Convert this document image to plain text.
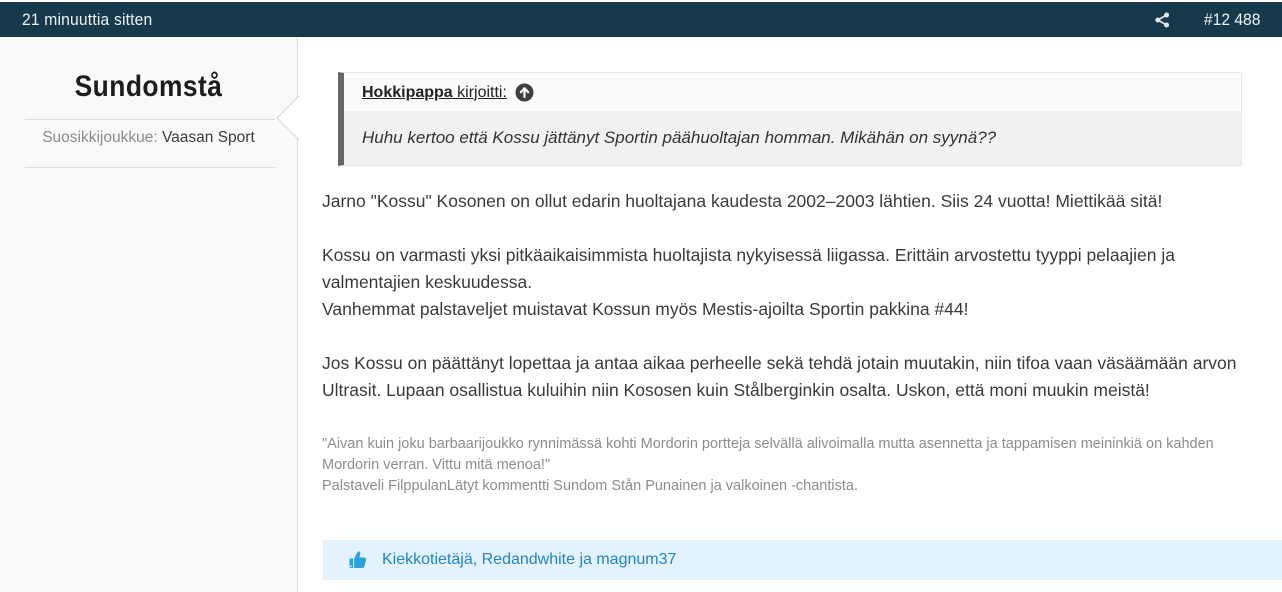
21 minuuttia sitten	#12 488
Sundomstå
Suosikkijoukkue: Vaasan Sport
Hokkipappa kirjoitti:
Huhu kertoo että Kossu jättänyt Sportin päähuoltajan homman. Mikähän on syynä??

Jarno "Kossu" Kosonen on ollut edarin huoltajana kaudesta 2002–2003 lähtien. Siis 24 vuotta! Miettikää sitä!

Kossu on varmasti yksi pitkäaikaisimmista huoltajista nykyisessä liigassa. Erittäin arvostettu tyyppi pelaajien ja valmentajien keskuudessa.
Vanhemmat palstaveljet muistavat Kossun myös Mestis-ajoilta Sportin pakkina #44!

Jos Kossu on päättänyt lopettaa ja antaa aikaa perheelle sekä tehdä jotain muutakin, niin tifoa vaan väsäämään arvon Ultrasit. Lupaan osallistua kuluihin niin Kososen kuin Stålberginkin osalta. Uskon, että moni muukin meistä!

"Aivan kuin joku barbaarijoukko rynnimässä kohti Mordorin portteja selvällä alivoimalla mutta asennetta ja tappamisen meininkiä on kahden Mordorin verran. Vittu mitä menoa!"
Palstaveli FilppulanLätyt kommentti Sundom Stån Punainen ja valkoinen -chantista.
Kiekkotietäjä, Redandwhite ja magnum37
